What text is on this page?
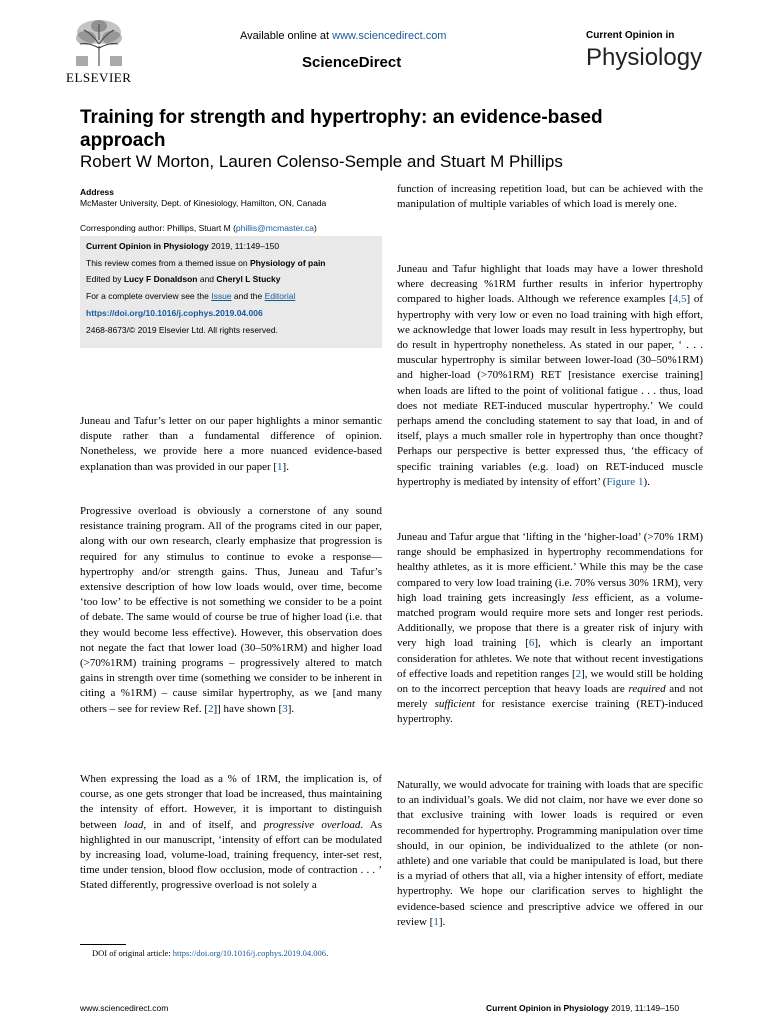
ELSEVIER
Available online at www.sciencedirect.com
ScienceDirect
Current Opinion in
Physiology
Training for strength and hypertrophy: an evidence-based approach
Robert W Morton, Lauren Colenso-Semple and Stuart M Phillips
Address
McMaster University, Dept. of Kinesiology, Hamilton, ON, Canada
Corresponding author: Phillips, Stuart M (phillis@mcmaster.ca)
Current Opinion in Physiology 2019, 11:149–150
This review comes from a themed issue on Physiology of pain
Edited by Lucy F Donaldson and Cheryl L Stucky
For a complete overview see the Issue and the Editorial
https://doi.org/10.1016/j.cophys.2019.04.006
2468-8673/© 2019 Elsevier Ltd. All rights reserved.

Juneau and Tafur’s letter on our paper highlights a minor semantic dispute rather than a fundamental difference of opinion. Nonetheless, we provide here a more nuanced evidence-based explanation than was provided in our paper [1].

Progressive overload is obviously a cornerstone of any sound resistance training program. All of the programs cited in our paper, along with our own research, clearly emphasize that progression is required for any stimulus to continue to evoke a response—hypertrophy and/or strength gains. Thus, Juneau and Tafur’s extensive description of how low loads would, over time, become ‘too low’ to be effective is not something we consider to be a point of debate. The same would of course be true of higher load (i.e. that they would become less effective). However, this observation does not negate the fact that lower load (30–50%1RM) and higher load (>70%1RM) training programs – progressively altered to match gains in strength over time (something we consider to be inherent in citing a %1RM) – cause similar hypertrophy, as we [and many others – see for review Ref. [2]] have shown [3].

When expressing the load as a % of 1RM, the implication is, of course, as one gets stronger that load be increased, thus maintaining the intensity of effort. However, it is important to distinguish between load, in and of itself, and progressive overload. As highlighted in our manuscript, ‘intensity of effort can be modulated by increasing load, volume-load, training frequency, inter-set rest, time under tension, blood flow occlusion, mode of contraction . . . ’ Stated differently, progressive overload is not solely a

DOI of original article: https://doi.org/10.1016/j.cophys.2019.04.006.

function of increasing repetition load, but can be achieved with the manipulation of multiple variables of which load is merely one.

Juneau and Tafur highlight that loads may have a lower threshold where decreasing %1RM further results in inferior hypertrophy compared to higher loads. Although we reference examples [4,5] of hypertrophy with very low or even no load training with high effort, we acknowledge that lower loads may result in less hypertrophy, but do result in hypertrophy nonetheless. As stated in our paper, ‘ . . . muscular hypertrophy is similar between lower-load (30–50%1RM) and higher-load (>70%1RM) RET [resistance exercise training] when loads are lifted to the point of volitional fatigue . . . thus, load does not mediate RET-induced muscular hypertrophy.’ We could perhaps amend the concluding statement to say that load, in and of itself, plays a much smaller role in hypertrophy than once thought? Perhaps our perspective is better expressed thus, ‘the efficacy of specific training variables (e.g. load) on RET-induced muscle hypertrophy is mediated by intensity of effort’ (Figure 1).

Juneau and Tafur argue that ‘lifting in the ‘higher-load’ (>70% 1RM) range should be emphasized in hypertrophy recommendations for healthy athletes, as it is more efficient.’ While this may be the case compared to very low load training (i.e. 70% versus 30% 1RM), very high load training gets increasingly less efficient, as a volume-matched program would require more sets and longer rest periods. Additionally, we propose that there is a greater risk of injury with very high load training [6], which is clearly an important consideration for athletes. We note that without recent investigations of effective loads and repetition ranges [2], we would still be holding on to the incorrect perception that heavy loads are required and not merely sufficient for resistance exercise training (RET)-induced hypertrophy.

Naturally, we would advocate for training with loads that are specific to an individual’s goals. We did not claim, nor have we ever done so that exclusive training with lower loads is required or even recommended for hypertrophy. Programming manipulation over time should, in our opinion, be individualized to the athlete (or non-athlete) and one variable that could be manipulated is load, but there is a myriad of others that all, via a higher intensity of effort, mediate hypertrophy. We hope our clarification serves to highlight the evidence-based science and prescriptive advice we offered in our review [1].

www.sciencedirect.com	Current Opinion in Physiology 2019, 11:149–150
